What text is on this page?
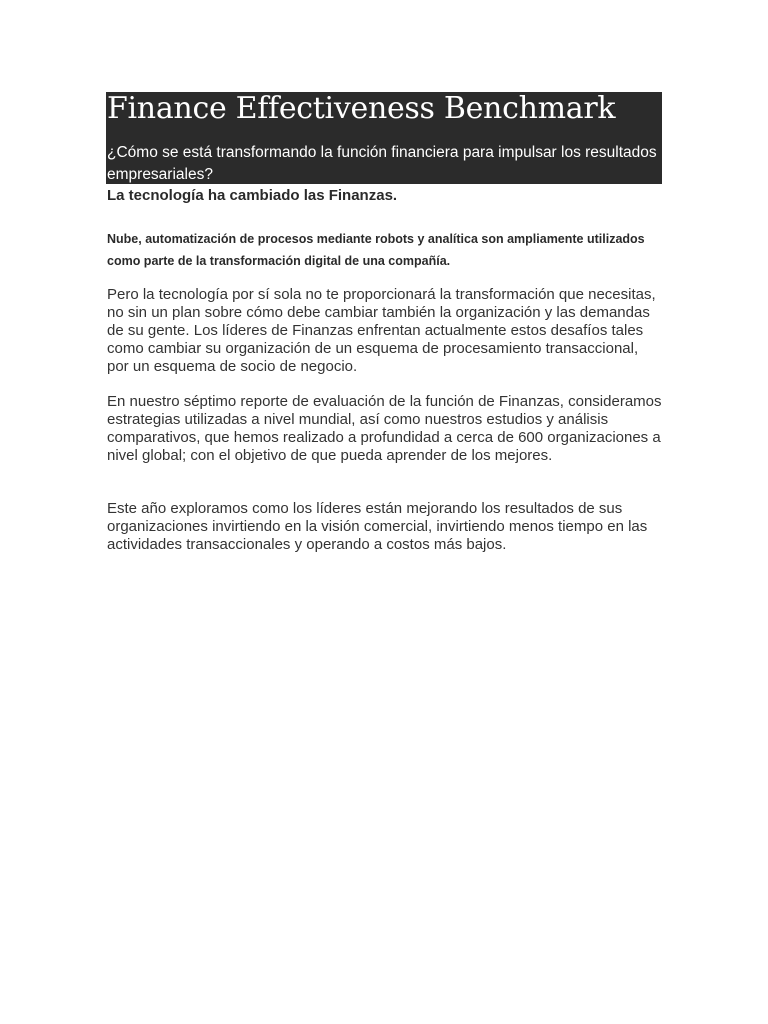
Finance Effectiveness Benchmark

¿Cómo se está transformando la función financiera para impulsar los resultados empresariales?

La tecnología ha cambiado las Finanzas.

Nube, automatización de procesos mediante robots y analítica son ampliamente utilizados como parte de la transformación digital de una compañía.

Pero la tecnología por sí sola no te proporcionará la transformación que necesitas, no sin un plan sobre cómo debe cambiar también la organización y las demandas de su gente. Los líderes de Finanzas enfrentan actualmente estos desafíos tales como cambiar su organización de un esquema de procesamiento transaccional, por un esquema de socio de negocio.

En nuestro séptimo reporte de evaluación de la función de Finanzas, consideramos estrategias utilizadas a nivel mundial, así como nuestros estudios y análisis comparativos, que hemos realizado a profundidad a cerca de 600 organizaciones a nivel global; con el objetivo de que pueda aprender de los mejores.

Este año exploramos como los líderes están mejorando los resultados de sus organizaciones invirtiendo en la visión comercial, invirtiendo menos tiempo en las actividades transaccionales y operando a costos más bajos.
